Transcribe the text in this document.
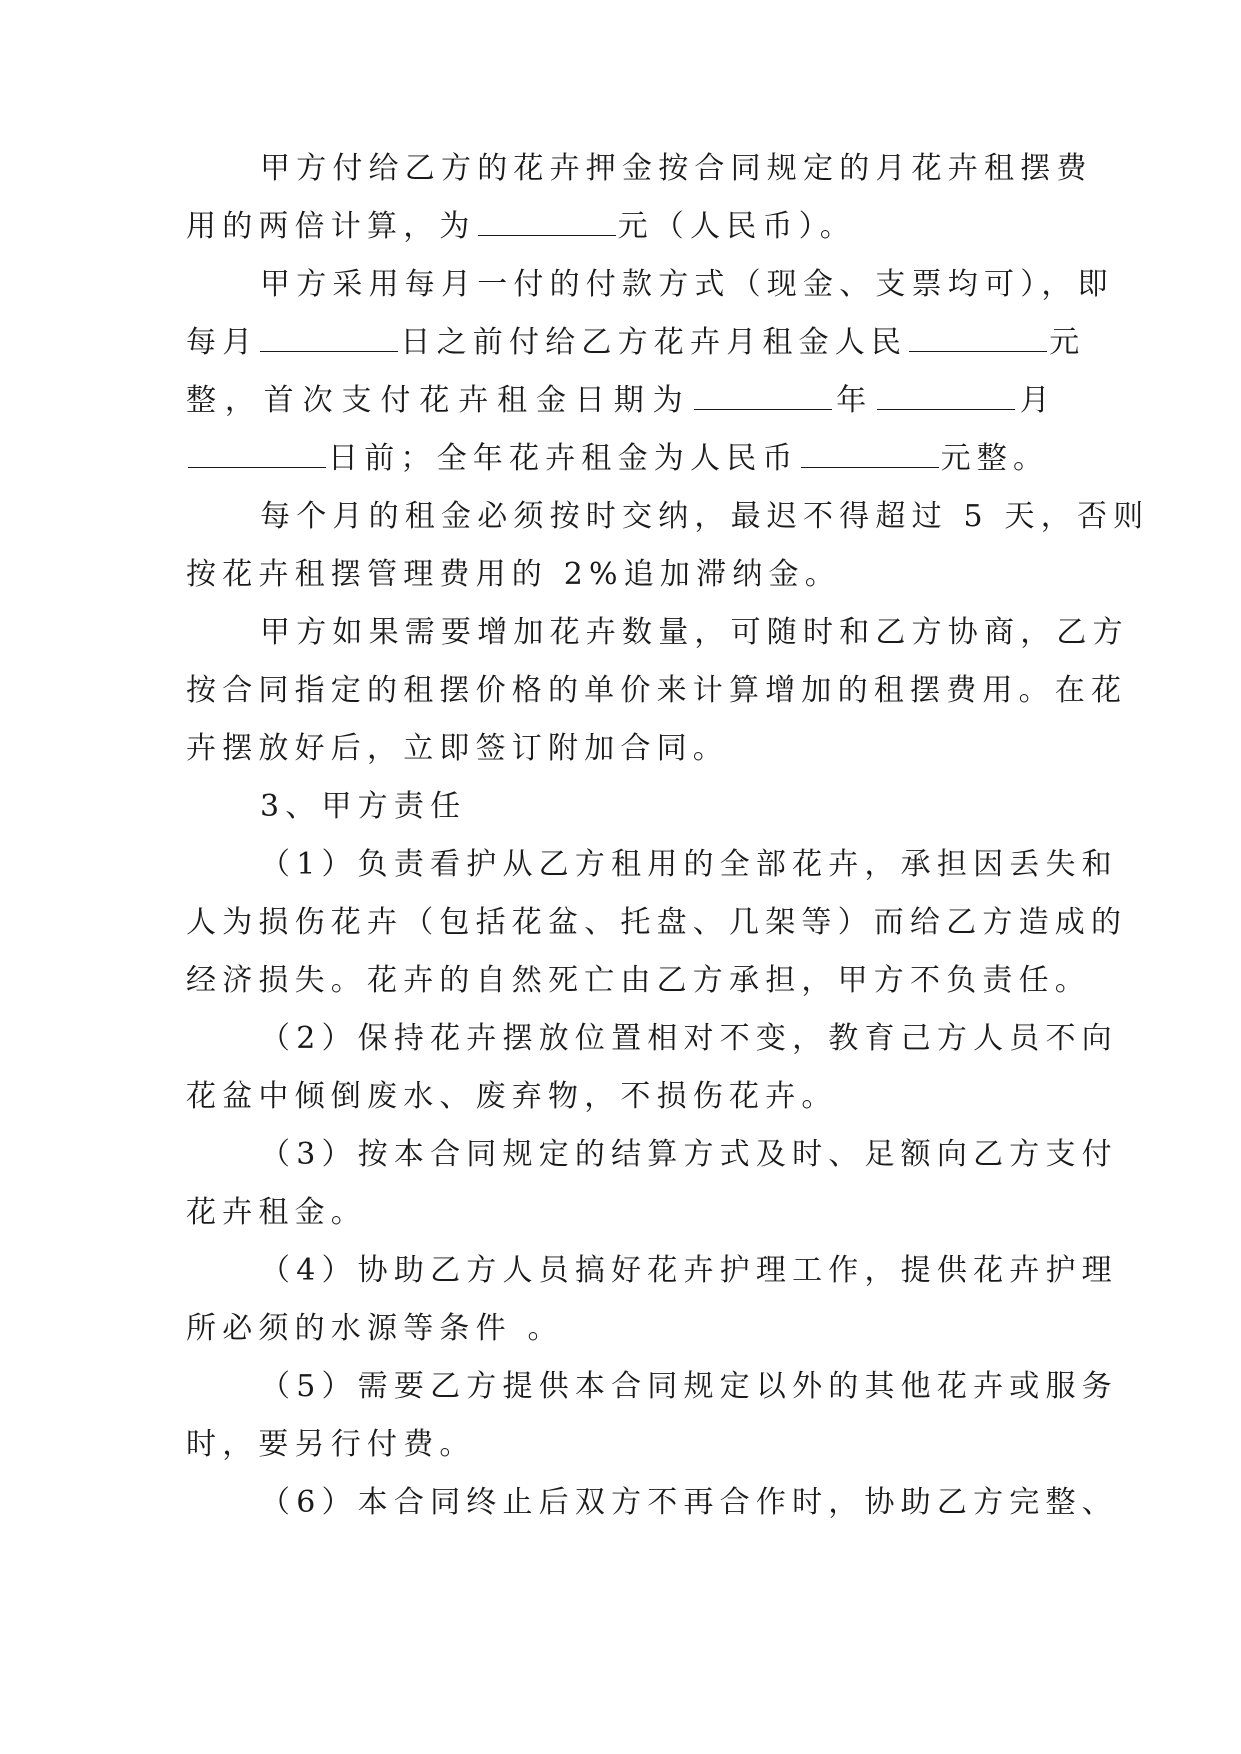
甲方付给乙方的花卉押金按合同规定的月花卉租摆费
用的两倍计算，为	元（人民币）。
甲方采用每月一付的付款方式（现金、支票均可），即
每月	日之前付给乙方花卉月租金人民	元
整，首次支付花卉租金日期为	年	月
日前；全年花卉租金为人民币	元整。
每个月的租金必须按时交纳，最迟不得超过 5 天，否则
按花卉租摆管理费用的 2%追加滞纳金。
甲方如果需要增加花卉数量，可随时和乙方协商，乙方
按合同指定的租摆价格的单价来计算增加的租摆费用。在花
卉摆放好后，立即签订附加合同。
3、甲方责任
（1）负责看护从乙方租用的全部花卉，承担因丢失和
人为损伤花卉（包括花盆、托盘、几架等）而给乙方造成的
经济损失。花卉的自然死亡由乙方承担，甲方不负责任。
（2）保持花卉摆放位置相对不变，教育己方人员不向
花盆中倾倒废水、废弃物，不损伤花卉。
（3）按本合同规定的结算方式及时、足额向乙方支付
花卉租金。
（4）协助乙方人员搞好花卉护理工作，提供花卉护理
所必须的水源等条件 。
（5）需要乙方提供本合同规定以外的其他花卉或服务
时，要另行付费。
（6）本合同终止后双方不再合作时，协助乙方完整、
